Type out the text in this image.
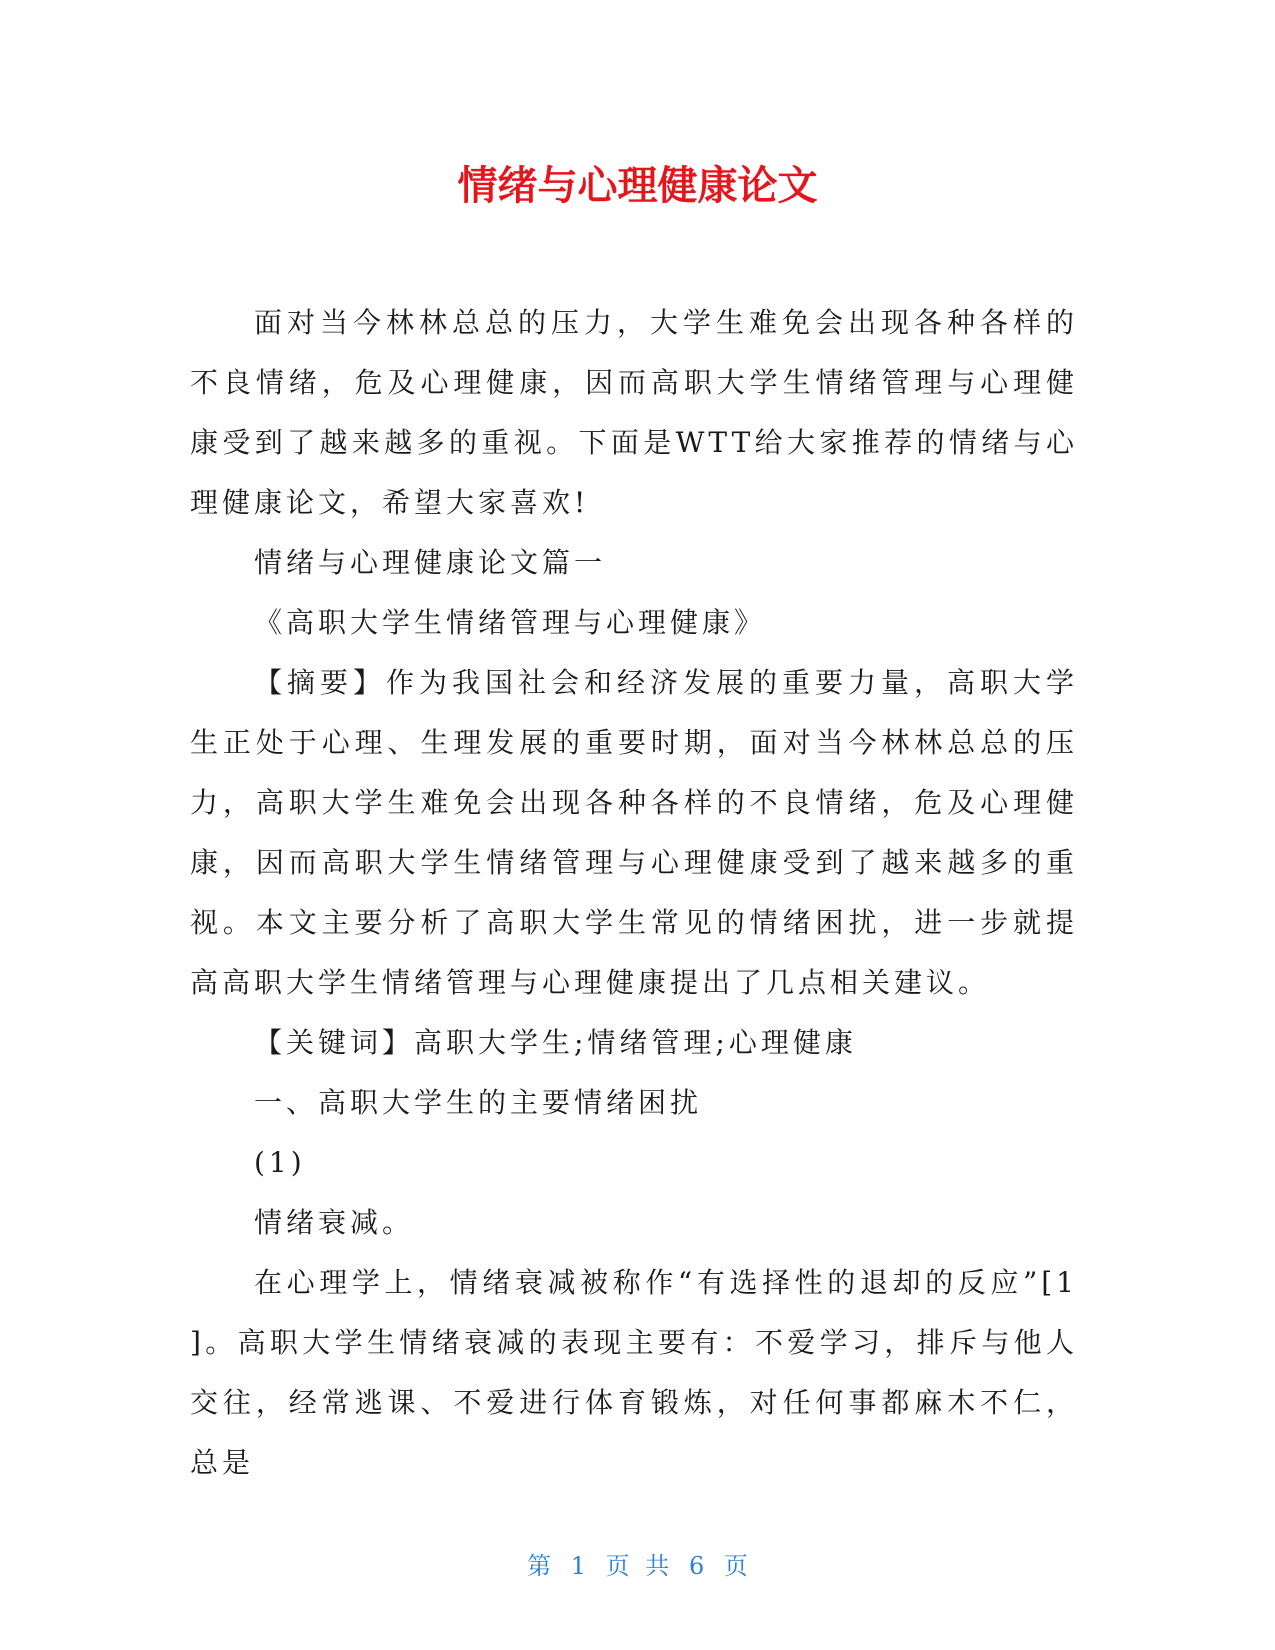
情绪与心理健康论文

面对当今林林总总的压力，大学生难免会出现各种各样的不良情绪，危及心理健康，因而高职大学生情绪管理与心理健康受到了越来越多的重视。下面是WTT给大家推荐的情绪与心理健康论文，希望大家喜欢!

情绪与心理健康论文篇一

《高职大学生情绪管理与心理健康》

【摘要】作为我国社会和经济发展的重要力量，高职大学生正处于心理、生理发展的重要时期，面对当今林林总总的压力，高职大学生难免会出现各种各样的不良情绪，危及心理健康，因而高职大学生情绪管理与心理健康受到了越来越多的重视。本文主要分析了高职大学生常见的情绪困扰，进一步就提高高职大学生情绪管理与心理健康提出了几点相关建议。

【关键词】高职大学生;情绪管理;心理健康

一、高职大学生的主要情绪困扰

(1)

情绪衰减。

在心理学上，情绪衰减被称作“有选择性的退却的反应”[1]。高职大学生情绪衰减的表现主要有：不爱学习，排斥与他人交往，经常逃课、不爱进行体育锻炼，对任何事都麻木不仁，总是

第 1 页 共 6 页
